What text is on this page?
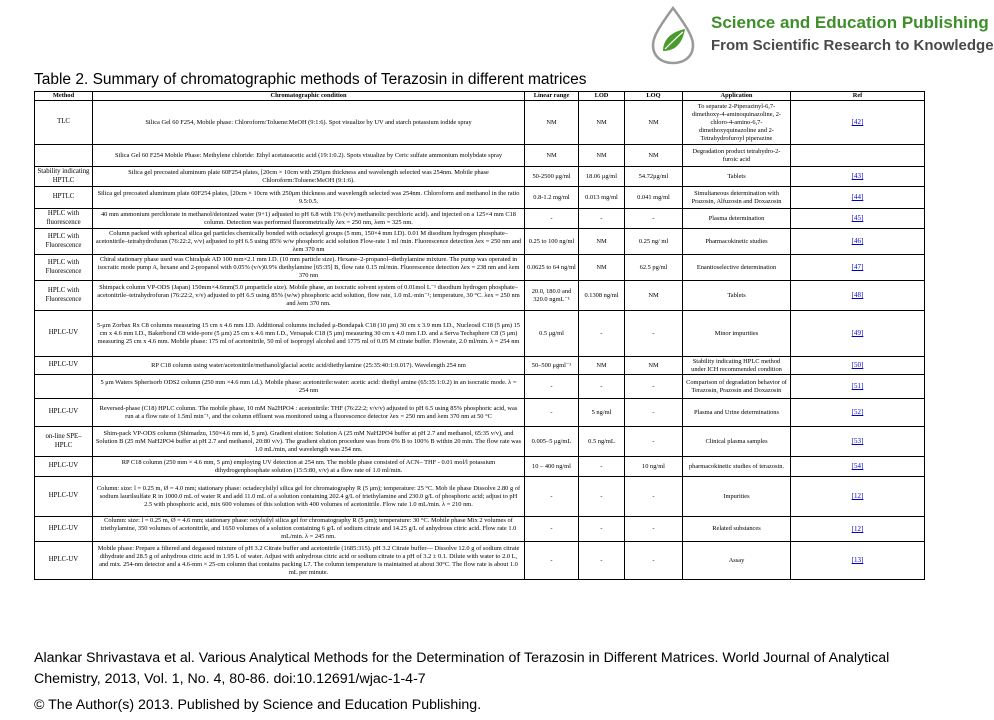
Science and Education Publishing
From Scientific Research to Knowledge
Table 2. Summary of chromatographic methods of Terazosin in different matrices
Method	Chromatographic condition	Linear range	LOD	LOQ	Application	Ref
TLC	Silica Gel 60 F254, Mobile phase: Chloroform:Toluene:MeOH (9:1:6). Spot visualize by UV and starch potassium iodide spray	NM	NM	NM	To separate 2-Piperazinyl-6,7-dimethoxy-4-aminoquinazoline, 2-chloro-4-amino-6,7-dimethoxyquinazoline and 2-Tetrahydrofuroyl piperazine	[42]
	Silica Gel 60 F254 Mobile Phase: Methylene chloride: Ethyl acetateacetic acid (19:1:0.2). Spots visualize by Ceric sulfate ammonium molybdate spray	NM	NM	NM	Degradation product tetrahydro-2-furoic acid	
Stability indicating HPTLC	Silica gel precoated aluminum plate 60F254 plates, [20cm × 10cm with 250μm thickness and wavelength selected was 254nm. Mobile phase Chloroform:Toluene:MeOH (9:1:6).	50-2500 μg/ml	18.06 μg/ml	54.72μg/ml	Tablets	[43]
HPTLC	Silica gel precoated aluminum plate 60F254 plates, [20cm × 10cm with 250μm thickness and wavelength selected was 254nm. Chloroform and methanol in the ratio 9.5:0.5.	0.8-1.2 mg/ml	0.013 mg/ml	0.041 mg/ml	Simultaneous determination with Prazosin, Alfuzosin and Doxazosin	[44]
HPLC with fluorescence	40 mm ammonium perchlorate in methanol/deionized water (9+1) adjusted to pH 6.8 with 1% (v/v) methanolic perchloric acid). and injected on a 125×4 mm C18 column. Detection was performed fluorometrically λex = 250 nm, λem = 325 nm.	-	-	-	Plasma determination	[45]
HPLC with Fluorescence	Column packed with spherical silica gel particles chemically bonded with octadecyl groups (5 mm, 150×4 mm I.D). 0.01 M disodium hydrogen phosphate–acetonitrile–tetrahydrofuran (76:22:2, v/v) adjusted to pH 6.5 using 85% w/w phosphoric acid solution Flow-rate 1 ml /min. Fluorescence detection λex = 250 nm and λem 370 nm	0.25 to 100 ng/ml	NM	0.25 ng/ ml	Pharmacokinetic studies	[46]
HPLC with Fluorescence	Chiral stationary phase used was Chiralpak AD 100 mm×2.1 mm I.D. (10 mm particle size). Hexane–2-propanol–diethylamine mixture. The pump was operated in isocratic mode pump A, hexane and 2-propanol with 0.05% (v/v)0.9% diethylamine [65:35] B, flow rate 0.15 ml/min. Fluorescence detection λex = 238 nm and λem 370 nm	0.0625 to 64 ng/ml	NM	62.5 pg/ml	Enantioselective determination	[47]
HPLC with Fluorescence	Shimpack column VP-ODS (Japan) 150mm×4.6mm(5.0 μmparticle size). Mobile phase, an isocratic solvent system of 0.01mol L⁻¹ disodium hydrogen phosphate–acetonitrile–tetrahydrofuran (76:22:2, v/v) adjusted to pH 6.5 using 85% (w/w) phosphoric acid solution, flow rate, 1.0 mL·min⁻¹; temperature, 30 °C. λex = 250 nm and λem 370 nm.	20.0, 180.0 and 320.0 ngmL⁻¹	0.1308 ng/ml	NM	Tablets	[48]
HPLC-UV	5-μm Zorbax Rx C8 columns measuring 15 cm x 4.6 mm I.D. Additional columns included μ-Bondapak C18 (10 μm) 30 cm x 3.9 mm I.D., Nucleosil C18 (5 μm) 15 cm x 4.6 mm I.D., Bakerbond C8 wide-pore (5 μm) 25 cm x 4.6 mm I.D., Versapak C18 (5 μm) measuring 30 cm x 4.0 mm I.D. and a Serva Techsphere C8 (5 μm) measuring 25 cm x 4.6 mm. Mobile phase: 175 ml of acetonitrile, 50 ml of isopropyl alcohol and 1775 ml of 0.05 M citrate buffer. Flowrate, 2.0 ml/min. λ = 254 nm	0.5 μg/ml	-	-	Minor impurities	[49]
HPLC-UV	RP C18 column using water/acetonitrile/methanol/glacial acetic acid/diethylamine (25:35:40:1:0.017). Wavelength 254 nm	50–500 μgml⁻¹	NM	NM	Stability indicating HPLC method under ICH recommended condition	[50]
	5 μm Waters Spherisorb ODS2 column (250 mm ×4.6 mm i.d.). Mobile phase: acetonitrile:water: acetic acid: diethyl amine (65:35:1:0.2) in an isocratic mode. λ = 254 nm	-	-	-	Comparison of degradation behavior of Terazosin, Prazosin and Doxazosin	[51]
HPLC-UV	Reversed-phase (C18) HPLC column. The mobile phase, 10 mM Na2HPO4 : acetonitrile: THF (76:22:2; v/v/v) adjusted to pH 6.5 using 85% phosphoric acid, was run at a flow rate of 1.5ml min⁻¹, and the column effluent was monitored using a fluorescence detector λex = 250 nm and λem 370 nm at 50 °C	-	5 ng/ml	-	Plasma and Urine determinations	[52]
on-line SPE–HPLC	Shim-pack VP-ODS column (Shimadzu, 150×4.6 mm id, 5 μm). Gradient elution: Solution A (25 mM NaH2PO4 buffer at pH 2.7 and methanol, 65:35 v/v), and Solution B (25 mM NaH2PO4 buffer at pH 2.7 and methanol, 20:80 v/v). The gradient elution procedure was from 0% B to 100% B within 20 min. The flow rate was 1.0 mL/min, and wavelength was 254 nm.	0.005–5 μg/mL	0.5 ng/mL	-	Clinical plasma samples	[53]
HPLC-UV	RP C18 column (250 mm × 4.6 mm, 5 μm) employing UV detection at 254 nm. The mobile phase consisted of ACN– THF - 0.01 mol/l potassium dihydrogenphosphate solution (15:5:80, v/v) at a flow rate of 1.0 ml/min.	10 – 400 ng/ml	-	10 ng/ml	pharmacokinetic studies of terazosin.	[54]
HPLC-UV	Column: size: l = 0.25 m, Ø = 4.0 mm; stationary phase: octadecylsilyl silica gel for chromatography R (5 μm); temperature: 25 °C. Mob ile phase Dissolve 2.80 g of sodium laurilsulfate R in 1000.0 mL of water R and add 11.0 mL of a solution containing 202.4 g/L of triethylamine and 230.0 g/L of phosphoric acid; adjust to pH 2.5 with phosphoric acid, mix 600 volumes of this solution with 400 volumes of acetonitrile. Flow rate 1.0 mL/min. λ = 210 nm.	-	-	-	Impurities	[12]
HPLC-UV	Column: size: l = 0.25 m, Ø = 4.6 mm; stationary phase: octylsilyl silica gel for chromatography R (5 μm); temperature: 30 °C. Mobile phase Mix 2 volumes of triethylamine, 350 volumes of acetonitrile, and 1650 volumes of a solution containing 6 g/L of sodium citrate and 14.25 g/L of anhydrous citric acid. Flow rate 1.0 mL/min. λ = 245 nm.	-	-	-	Related substances	[12]
HPLC-UV	Mobile phase: Prepare a filtered and degassed mixture of pH 3.2 Citrate buffer and acetonitrile (1685:315). pH 3.2 Citrate buffer— Dissolve 12.0 g of sodium citrate dihydrate and 28.5 g of anhydrous citric acid in 1.95 L of water. Adjust with anhydrous citric acid or sodium citrate to a pH of 3.2 ± 0.1. Dilute with water to 2.0 L, and mix. 254-nm detector and a 4.6-mm × 25-cm column that contains packing L7. The column temperature is maintained at about 30°C. The flow rate is about 1.0 mL per minute.	-	-	-	Assay	[13]
Alankar Shrivastava et al. Various Analytical Methods for the Determination of Terazosin in Different Matrices. World Journal of Analytical Chemistry, 2013, Vol. 1, No. 4, 80-86. doi:10.12691/wjac-1-4-7
© The Author(s) 2013. Published by Science and Education Publishing.
